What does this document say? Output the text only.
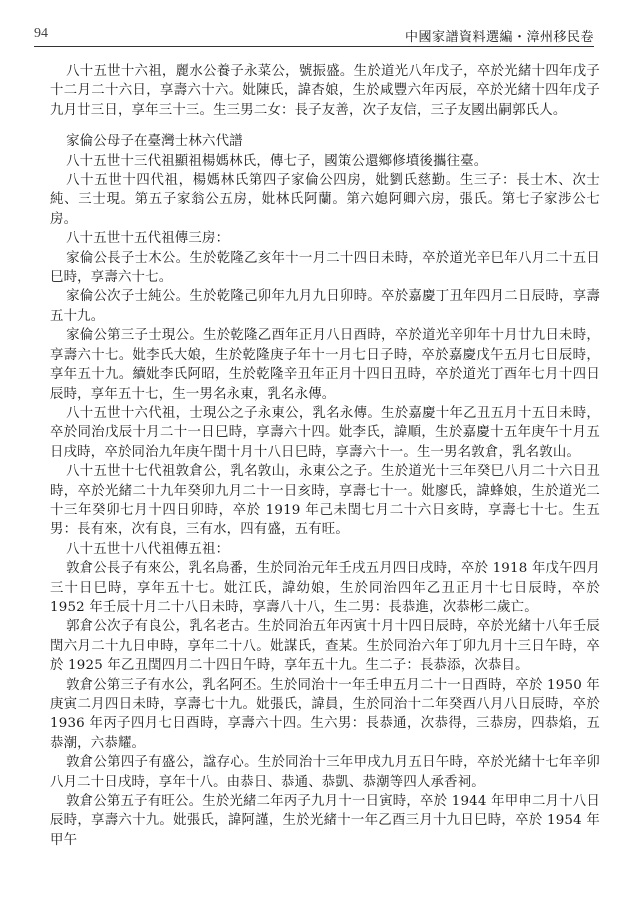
94	中國家譜資料選編・漳州移民卷

八十五世十六祖，麗水公養子永菜公，號振盛。生於道光八年戊子，卒於光緒十四年戊子十二月二十六日，享壽六十六。妣陳氏，諱杏娘，生於咸豐六年丙辰，卒於光緒十四年戊子九月廿三日，享年三十三。生三男二女：長子友善，次子友信，三子友國出嗣郭氏人。

家倫公母子在臺灣士林六代譜

八十五世十三代祖顯祖楊媽林氏，傳七子，國策公還鄉修墳後攜往臺。

八十五世十四代祖，楊媽林氏第四子家倫公四房，妣劉氏慈勤。生三子：長士木、次士純、三士現。第五子家翁公五房，妣林氏阿蘭。第六媳阿卿六房，張氏。第七子家涉公七房。

八十五世十五代祖傳三房：

家倫公長子士木公。生於乾隆乙亥年十一月二十四日未時，卒於道光辛巳年八月二十五日巳時，享壽六十七。

家倫公次子士純公。生於乾隆己卯年九月九日卯時。卒於嘉慶丁丑年四月二日辰時，享壽五十九。

家倫公第三子士現公。生於乾隆乙酉年正月八日酉時，卒於道光辛卯年十月廿九日未時，享壽六十七。妣李氏大娘，生於乾隆庚子年十一月七日子時，卒於嘉慶戊午五月七日辰時，享年五十九。續妣李氏阿昭，生於乾隆辛丑年正月十四日丑時，卒於道光丁酉年七月十四日辰時，享年五十七，生一男名永東，乳名永傳。

八十五世十六代祖，士現公之子永東公，乳名永傳。生於嘉慶十年乙丑五月十五日未時，卒於同治戊辰十月二十一日巳時，享壽六十四。妣李氏，諱順，生於嘉慶十五年庚午十月五日戌時，卒於同治九年庚午閏十月十八日巳時，享壽六十一。生一男名敦倉，乳名敦山。

八十五世十七代祖敦倉公，乳名敦山，永東公之子。生於道光十三年癸巳八月二十六日丑時，卒於光緒二十九年癸卯九月二十一日亥時，享壽七十一。妣廖氏，諱蜂娘，生於道光二十三年癸卯七月十四日卯時，卒於 1919 年己未閏七月二十六日亥時，享壽七十七。生五男：長有來，次有良，三有水，四有盛，五有旺。

八十五世十八代祖傳五祖：

敦倉公長子有來公，乳名烏番，生於同治元年壬戌五月四日戌時，卒於 1918 年戊午四月三十日巳時，享年五十七。妣江氏，諱幼娘，生於同治四年乙丑正月十七日辰時，卒於 1952 年壬辰十月二十八日未時，享壽八十八，生二男：長恭進，次恭彬二歲亡。

郭倉公次子有良公，乳名老古。生於同治五年丙寅十月十四日辰時，卒於光緒十八年壬辰閏六月二十九日申時，享年二十八。妣謀氏，查某。生於同治六年丁卯九月十三日午時，卒於 1925 年乙丑閏四月二十四日午時，享年五十九。生二子：長恭添，次恭目。

敦倉公第三子有水公，乳名阿丕。生於同治十一年壬申五月二十一日酉時，卒於 1950 年庚寅二月四日未時，享壽七十九。妣張氏，諱員，生於同治十二年癸酉八月八日辰時，卒於 1936 年丙子四月七日酉時，享壽六十四。生六男：長恭通，次恭得，三恭房，四恭焰，五恭潮，六恭耀。

敦倉公第四子有盛公，諡存心。生於同治十三年甲戌九月五日午時，卒於光緒十七年辛卯八月二十日戌時，享年十八。由恭日、恭通、恭凱、恭潮等四人承香祠。

敦倉公第五子有旺公。生於光緒二年丙子九月十一日寅時，卒於 1944 年甲申二月十八日辰時，享壽六十九。妣張氏，諱阿謹，生於光緒十一年乙酉三月十九日巳時，卒於 1954 年甲午
